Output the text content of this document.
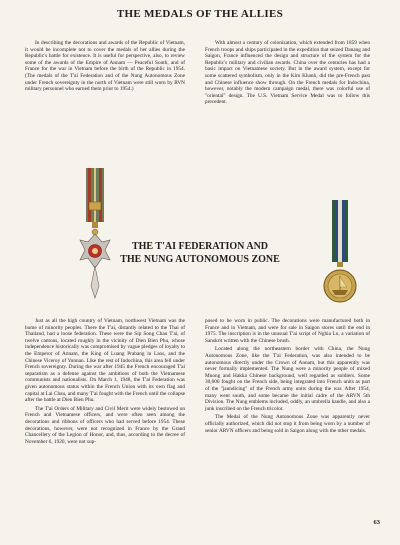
THE MEDALS OF THE ALLIES

In describing the decorations and awards of the Republic of Vietnam, it would be incomplete not to cover the medals of her allies during the Republic's battle for existence. It is useful for perspective, also, to review some of the awards of the Empire of Annam — Peaceful South, and of France for the war in Vietnam before the birth of the Republic in 1954. (The medals of the T'ai Federation and of the Nung Autonomous Zone under French sovereignty in the north of Vietnam were still worn by RVN military personnel who earned them prior to 1954.)

With almost a century of colonization, which extended from 1859 when French troops and ships participated in the expedition that seized Danang and Saigon, France influenced the design and structure of the system for the Republic's military and civilian awards. China over the centuries has had a basic impact on Vietnamese society. But in the award system, except for some scattered symbolism, only in the Kim Khanh, did the pre-French past and Chinese influence show through. On the French medals for Indochina, however, notably the modern campaign medal, there was colorful use of "oriental" design. The U.S. Vietnam Service Medal was to follow this precedent.

THE T'AI FEDERATION AND
THE NUNG AUTONOMOUS ZONE

Just as all the high country of Vietnam, northwest Vietnam was the home of minority peoples. There the T'ai, distantly related to the Thai of Thailand, had a loose federation. These were the Sip Song Chau T'ai, of twelve cantons, located roughly in the vicinity of Dien Bien Phu, whose independence historically was compromised by vague pledges of loyalty to the Emperor of Annam, the King of Luang Prabang in Laos, and the Chinese Viceroy of Yunnan. Like the rest of Indochina, this area fell under French sovereignty. During the war after 1945 the French encouraged T'ai separatism as a defense against the ambitions of both the Vietnamese communists and nationalists. On March 1, 1948, the T'ai Federation was given autonomous status within the French Union with its own flag and capital at Lai Chau, and many T'ai fought with the French until the collapse after the battle at Dien Bien Phu.

The T'ai Orders of Military and Civil Merit were widely bestowed on French and Vietnamese officers, and were often seen among the decorations and ribbons of officers who had served before 1954. These decorations, however, were not recognized in France by the Grand Chancellery of the Legion of Honor, and, thus, according to the decree of November 6, 1920, were not sup-

posed to be worn in public. The decorations were manufactured both in France and in Vietnam, and were for sale in Saigon stores until the end in 1975. The inscription is in the unusual T'ai script of Nghia Lo, a variation of Sanskrit written with the Chinese brush.

Located along the northeastern border with China, the Nung Autonomous Zone, like the T'ai Federation, was also intended to be autonomous directly under the Crown of Annam, but this apparently was never formally implemented. The Nung were a minority people of mixed Muong and Hakka Chinese background, well regarded as soldiers. Some 30,000 fought on the French side, being integrated into French units as part of the "jaundicing" of the French army units during the war. After 1954, many went south, and some became the initial cadre of the ARVN 5th Division. The Nung emblems included, oddly, an umbrella handle, and also a junk inscribed on the French tricolor.

The Medal of the Nung Autonomous Zone was apparently never officially authorized, which did not stop it from being worn by a number of senior ARVN officers and being sold in Saigon along with the other medals.

63
